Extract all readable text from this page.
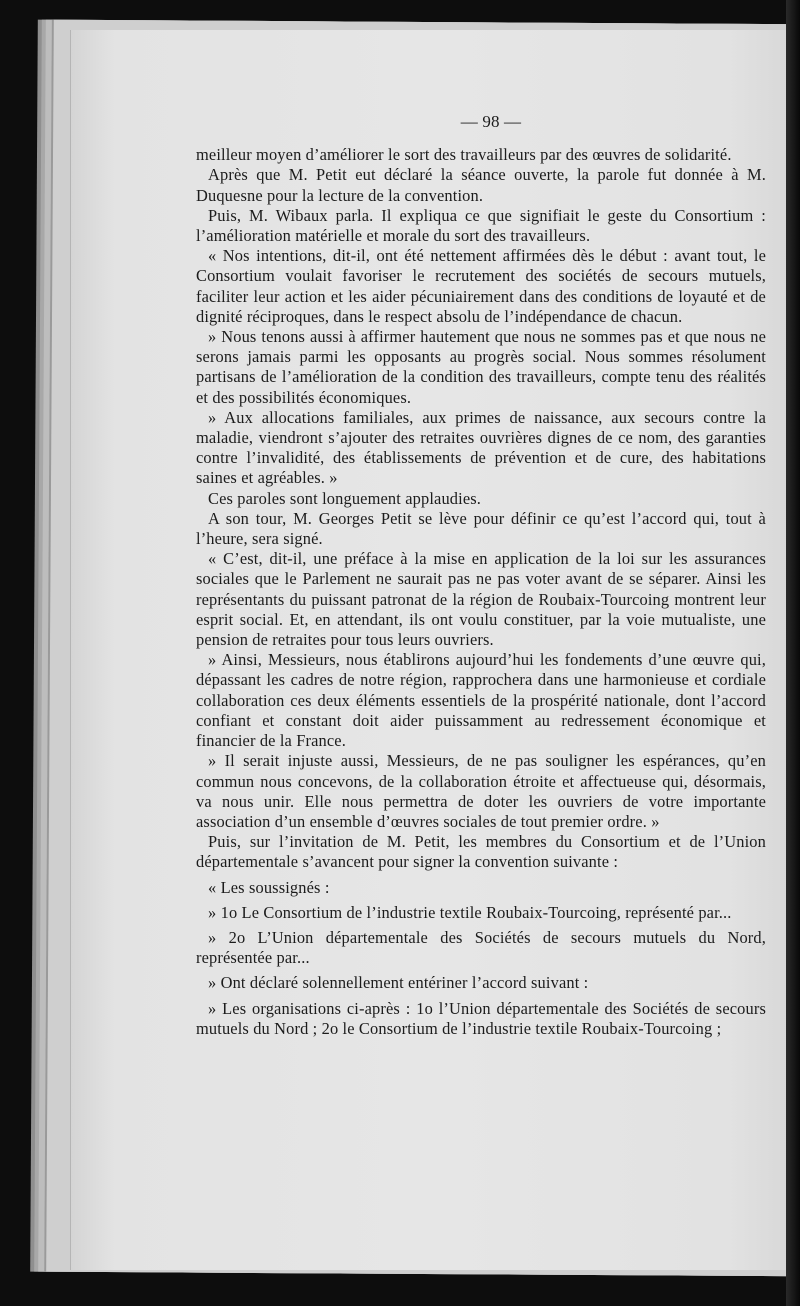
— 98 —

meilleur moyen d’améliorer le sort des travailleurs par des œuvres de solidarité.

Après que M. Petit eut déclaré la séance ouverte, la parole fut donnée à M. Duquesne pour la lecture de la convention.

Puis, M. Wibaux parla. Il expliqua ce que signifiait le geste du Consortium : l’amélioration matérielle et morale du sort des travailleurs.

« Nos intentions, dit-il, ont été nettement affirmées dès le début : avant tout, le Consortium voulait favoriser le recrutement des sociétés de secours mutuels, faciliter leur action et les aider pécuniairement dans des conditions de loyauté et de dignité réciproques, dans le respect absolu de l’indépendance de chacun.

» Nous tenons aussi à affirmer hautement que nous ne sommes pas et que nous ne serons jamais parmi les opposants au progrès social. Nous sommes résolument partisans de l’amélioration de la condition des travailleurs, compte tenu des réalités et des possibilités économiques.

» Aux allocations familiales, aux primes de naissance, aux secours contre la maladie, viendront s’ajouter des retraites ouvrières dignes de ce nom, des garanties contre l’invalidité, des établissements de prévention et de cure, des habitations saines et agréables. »

Ces paroles sont longuement applaudies.

A son tour, M. Georges Petit se lève pour définir ce qu’est l’accord qui, tout à l’heure, sera signé.

« C’est, dit-il, une préface à la mise en application de la loi sur les assurances sociales que le Parlement ne saurait pas ne pas voter avant de se séparer. Ainsi les représentants du puissant patronat de la région de Roubaix-Tourcoing montrent leur esprit social. Et, en attendant, ils ont voulu constituer, par la voie mutualiste, une pension de retraites pour tous leurs ouvriers.

» Ainsi, Messieurs, nous établirons aujourd’hui les fondements d’une œuvre qui, dépassant les cadres de notre région, rapprochera dans une harmonieuse et cordiale collaboration ces deux éléments essentiels de la prospérité nationale, dont l’accord confiant et constant doit aider puissamment au redressement économique et financier de la France.

» Il serait injuste aussi, Messieurs, de ne pas souligner les espérances, qu’en commun nous concevons, de la collaboration étroite et affectueuse qui, désormais, va nous unir. Elle nous permettra de doter les ouvriers de votre importante association d’un ensemble d’œuvres sociales de tout premier ordre. »

Puis, sur l’invitation de M. Petit, les membres du Consortium et de l’Union départementale s’avancent pour signer la convention suivante :

« Les soussignés :

» 1o Le Consortium de l’industrie textile Roubaix-Tourcoing, représenté par...

» 2o L’Union départementale des Sociétés de secours mutuels du Nord, représentée par...

» Ont déclaré solennellement entériner l’accord suivant :

» Les organisations ci-après : 1o l’Union départementale des Sociétés de secours mutuels du Nord ; 2o le Consortium de l’industrie textile Roubaix-Tourcoing ;
